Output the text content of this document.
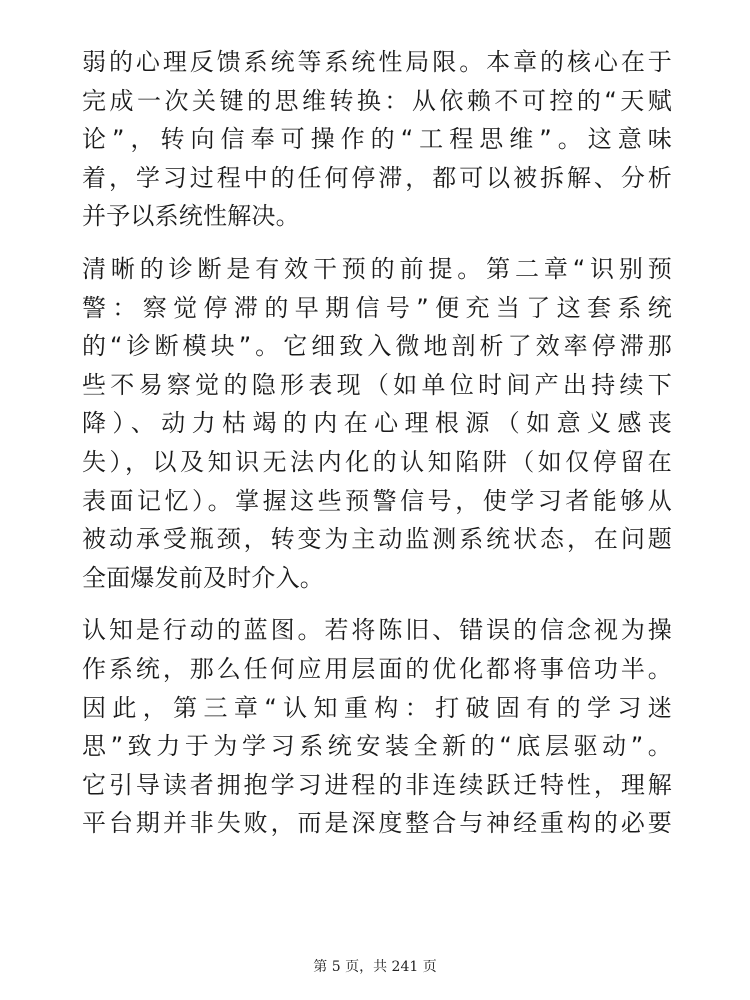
弱的心理反馈系统等系统性局限。本章的核心在于
完成一次关键的思维转换：从依赖不可控的“天赋
论”，转向信奉可操作的“工程思维”。这意味
着，学习过程中的任何停滞，都可以被拆解、分析
并予以系统性解决。
清晰的诊断是有效干预的前提。第二章“识别预
警：察觉停滞的早期信号”便充当了这套系统
的“诊断模块”。它细致入微地剖析了效率停滞那
些不易察觉的隐形表现（如单位时间产出持续下
降）、动力枯竭的内在心理根源（如意义感丧
失），以及知识无法内化的认知陷阱（如仅停留在
表面记忆）。掌握这些预警信号，使学习者能够从
被动承受瓶颈，转变为主动监测系统状态，在问题
全面爆发前及时介入。
认知是行动的蓝图。若将陈旧、错误的信念视为操
作系统，那么任何应用层面的优化都将事倍功半。
因此，第三章“认知重构：打破固有的学习迷
思”致力于为学习系统安装全新的“底层驱动”。
它引导读者拥抱学习进程的非连续跃迁特性，理解
平台期并非失败，而是深度整合与神经重构的必要
第 5 页，共 241 页
